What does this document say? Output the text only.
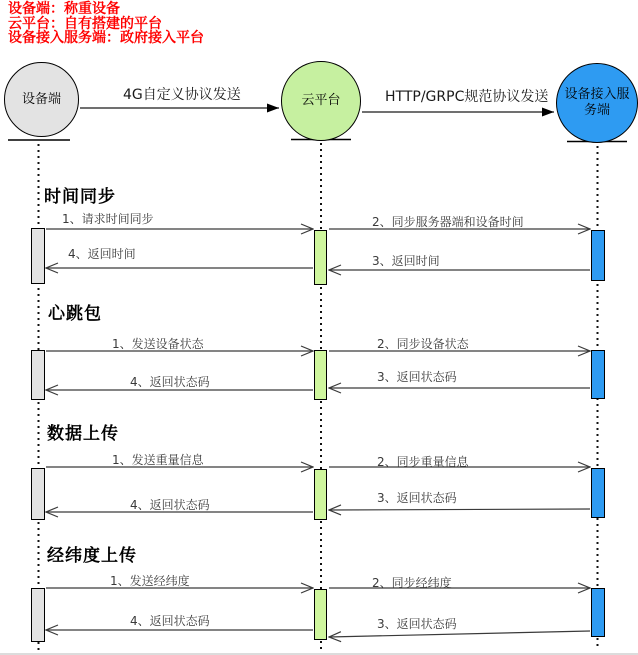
设备端：称重设备
云平台：自有搭建的平台
设备接入服务端：政府接入平台
设备端	云平台	设备接入服务端
4G自定义协议发送	HTTP/GRPC规范协议发送
时间同步
心跳包
数据上传
经纬度上传
1、请求时间同步	2、同步服务器端和设备时间
3、返回时间
4、返回时间
1、发送设备状态	2、同步设备状态
3、返回状态码
4、返回状态码
1、发送重量信息	2、同步重量信息
3、返回状态码
4、返回状态码
1、发送经纬度	2、同步经纬度
3、返回状态码
4、返回状态码
